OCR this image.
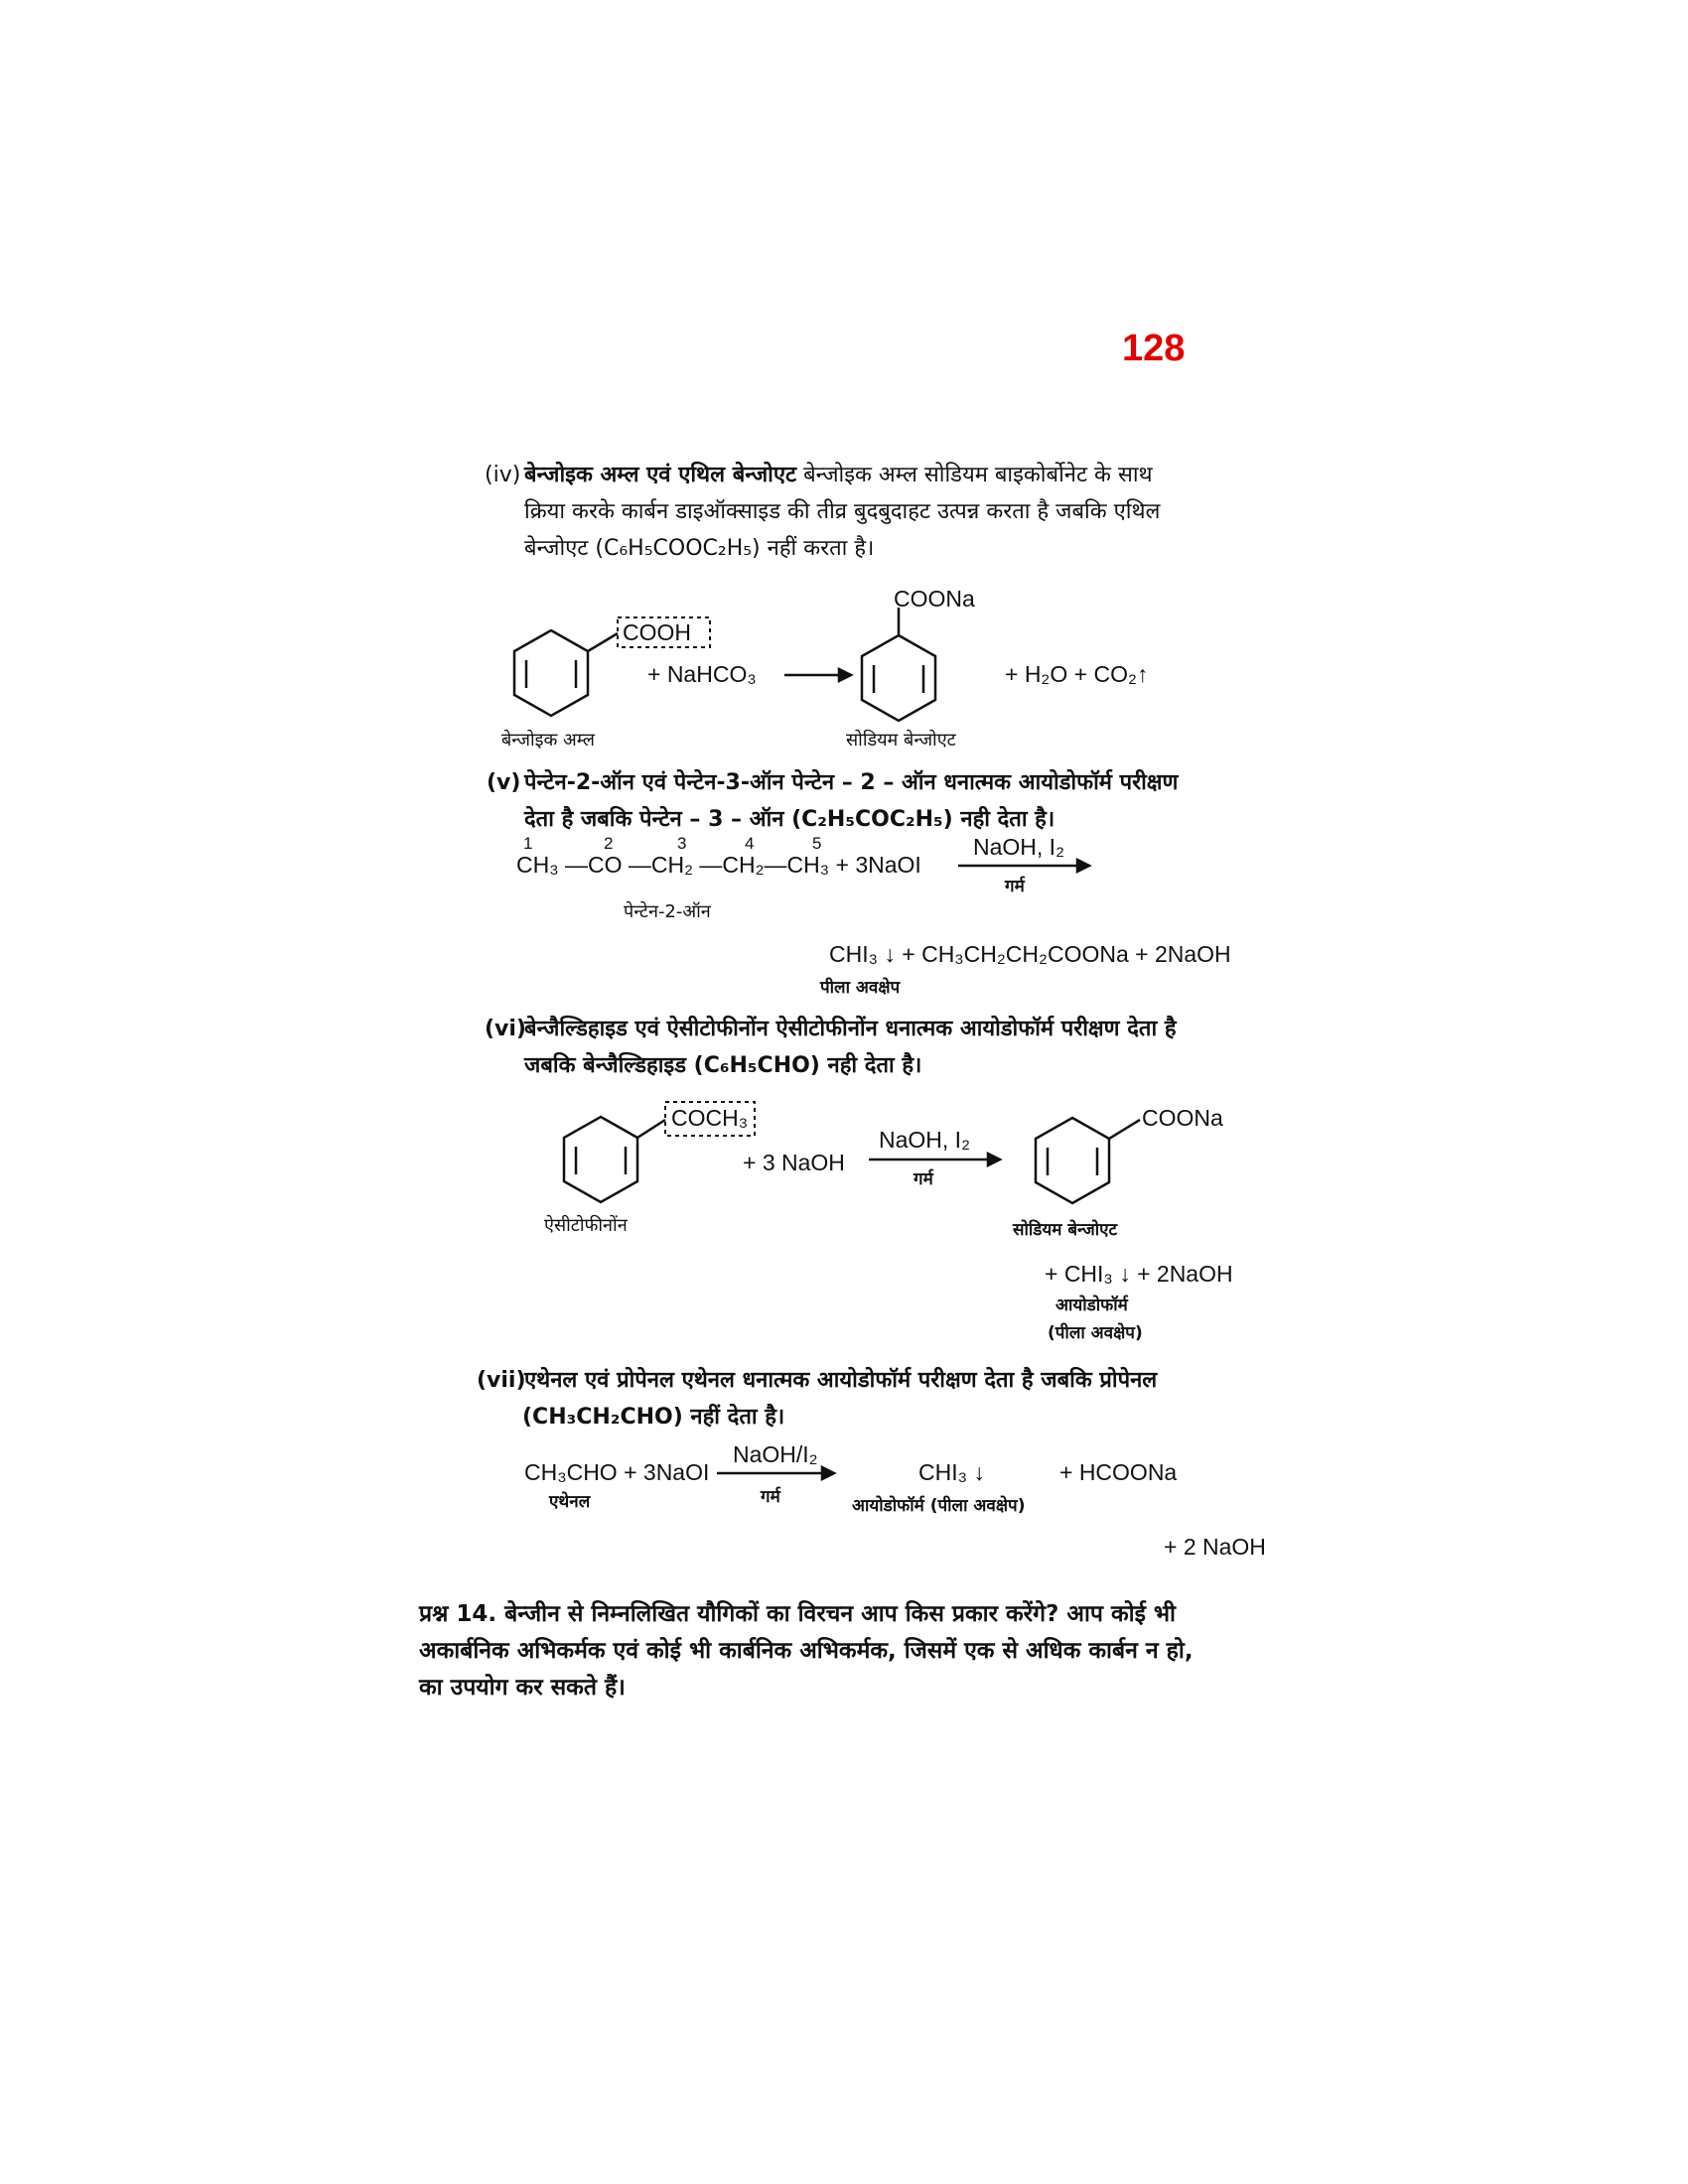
128
(iv) बेन्जोइक अम्ल एवं एथिल बेन्जोएट बेन्जोइक अम्ल सोडियम बाइकोर्बोनेट के साथ
क्रिया करके कार्बन डाइऑक्साइड की तीव्र बुदबुदाहट उत्पन्न करता है जबकि एथिल
बेन्जोएट (C₆H₅COOC₂H₅) नहीं करता है।
COOH
+ NaHCO₃
COONa
+ H₂O + CO₂↑
बेन्जोइक अम्ल	सोडियम बेन्जोएट
(v) पेन्टेन-2-ऑन एवं पेन्टेन-3-ऑन पेन्टेन – 2 – ऑन धनात्मक आयोडोफॉर्म परीक्षण
देता है जबकि पेन्टेन – 3 – ऑन (C₂H₅COC₂H₅) नही देता है।
1	2	3	4	5
CH₃ —CO —CH₂ —CH₂—CH₃ + 3NaOI
NaOH, I₂
गर्म
पेन्टेन-2-ऑन
CHI₃ ↓ + CH₃CH₂CH₂COONa + 2NaOH
पीला अवक्षेप
(vi)
बेन्जैल्डिहाइड एवं ऐसीटोफीनोंन ऐसीटोफीनोंन धनात्मक आयोडोफॉर्म परीक्षण देता है
जबकि बेन्जैल्डिहाइड (C₆H₅CHO) नही देता है।
COCH₃
+ 3 NaOH
NaOH, I₂
गर्म
COONa
ऐसीटोफीनोंन	सोडियम बेन्जोएट
+ CHI₃ ↓ + 2NaOH
आयोडोफॉर्म
(पीला अवक्षेप)
(vii)
एथेनल एवं प्रोपेनल एथेनल धनात्मक आयोडोफॉर्म परीक्षण देता है जबकि प्रोपेनल
(CH₃CH₂CHO) नहीं देता है।
CH₃CHO + 3NaOI
एथेनल
NaOH/I₂
गर्म
CHI₃ ↓
आयोडोफॉर्म (पीला अवक्षेप)
+ HCOONa
+ 2 NaOH
प्रश्न 14. बेन्जीन से निम्नलिखित यौगिकों का विरचन आप किस प्रकार करेंगे? आप कोई भी
अकार्बनिक अभिकर्मक एवं कोई भी कार्बनिक अभिकर्मक, जिसमें एक से अधिक कार्बन न हो,
का उपयोग कर सकते हैं।
